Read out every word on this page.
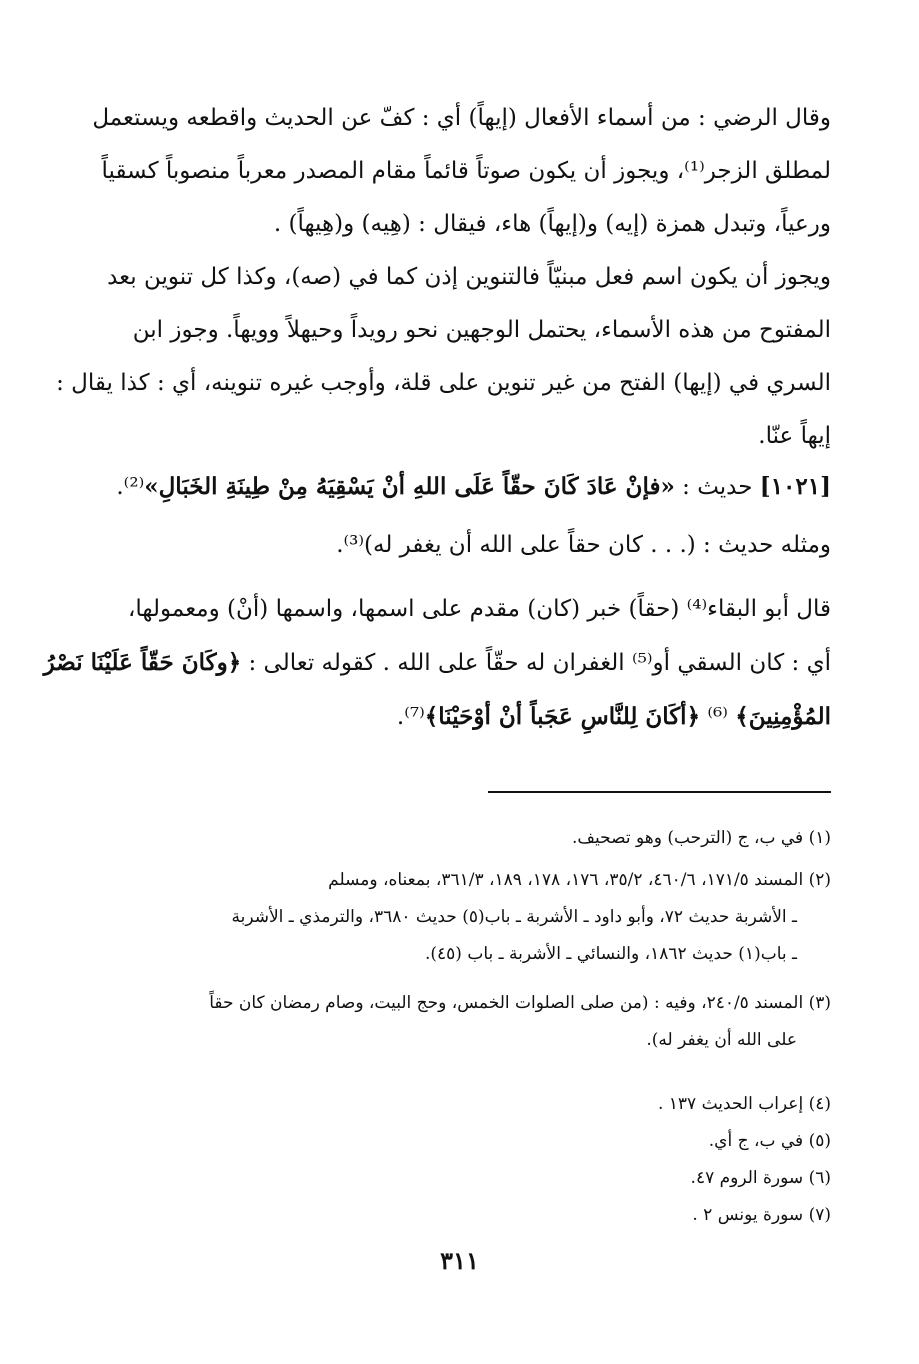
وقال الرضي : من أسماء الأفعال (إيهاً) أي : كفّ عن الحديث واقطعه ويستعمل
لمطلق الزجر⁽¹⁾، ويجوز أن يكون صوتاً قائماً مقام المصدر معرباً منصوباً كسقياً
ورعياً، وتبدل همزة (إيه) و(إيهاً) هاء، فيقال : (هِيه) و(هِيهاً) .
ويجوز أن يكون اسم فعل مبنيّاً فالتنوين إذن كما في (صه)، وكذا كل تنوين بعد
المفتوح من هذه الأسماء، يحتمل الوجهين نحو رويداً وحيهلاً وويهاً. وجوز ابن
السري في (إيها) الفتح من غير تنوين على قلة، وأوجب غيره تنوينه، أي : كذا يقال :
إيهاً عنّا.
[١٠٢١] حديث : «فإنْ عَادَ كَانَ حقّاً عَلَى اللهِ أنْ يَسْقِيَهُ مِنْ طِينَةِ الخَبَالِ»⁽²⁾.
ومثله حديث : (. . . كان حقاً على الله أن يغفر له)⁽³⁾.
قال أبو البقاء⁽⁴⁾ (حقاً) خبر (كان) مقدم على اسمها، واسمها (أنْ) ومعمولها،
أي : كان السقي أو⁽⁵⁾ الغفران له حقّاً على الله . كقوله تعالى : ﴿وكَانَ حَقّاً عَلَيْنَا نَصْرُ
المُؤْمِنِينَ﴾ ⁽⁶⁾ ﴿أكَانَ لِلنَّاسِ عَجَباً أنْ أوْحَيْنَا﴾⁽⁷⁾.
(١) في ب، ج (الترحب) وهو تصحيف.
(٢) المسند ١٧١/٥، ٤٦٠/٦، ٣٥/٢، ١٧٦، ١٧٨، ١٨٩، ٣٦١/٣، بمعناه، ومسلم
ـ الأشربة حديث ٧٢، وأبو داود ـ الأشربة ـ باب(٥) حديث ٣٦٨٠، والترمذي ـ الأشربة
ـ باب(١) حديث ١٨٦٢، والنسائي ـ الأشربة ـ باب (٤٥).
(٣) المسند ٢٤٠/٥، وفيه : (من صلى الصلوات الخمس، وحج البيت، وصام رمضان كان حقاً
على الله أن يغفر له).
(٤) إعراب الحديث ١٣٧ .
(٥) في ب، ج أي.
(٦) سورة الروم ٤٧.
(٧) سورة يونس ٢ .
٣١١
